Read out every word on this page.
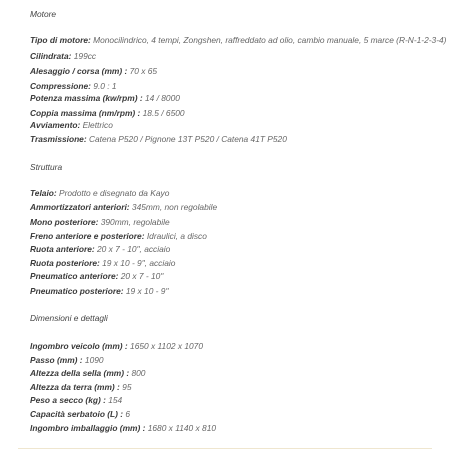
Motore
Tipo di motore: Monocilindrico, 4 tempi, Zongshen, raffreddato ad olio, cambio manuale, 5 marce (R-N-1-2-3-4)
Cilindrata: 199cc
Alesaggio / corsa (mm) : 70 x 65
Compressione: 9.0 : 1
Potenza massima (kw/rpm) : 14 / 8000
Coppia massima (nm/rpm) : 18.5 / 6500
Avviamento: Elettrico
Trasmissione: Catena P520 / Pignone 13T P520 / Catena 41T P520
Struttura
Telaio: Prodotto e disegnato da Kayo
Ammortizzatori anteriori: 345mm, non regolabile
Mono posteriore: 390mm, regolabile
Freno anteriore e posteriore: Idraulici, a disco
Ruota anteriore: 20 x 7 - 10", acciaio
Ruota posteriore: 19 x 10 - 9", acciaio
Pneumatico anteriore: 20 x 7 - 10"
Pneumatico posteriore: 19 x 10 - 9"
Dimensioni e dettagli
Ingombro veicolo (mm) : 1650 x 1102 x 1070
Passo (mm) : 1090
Altezza della sella (mm) : 800
Altezza da terra (mm) : 95
Peso a secco (kg) : 154
Capacità serbatoio (L) : 6
Ingombro imballaggio (mm) : 1680 x 1140 x 810
